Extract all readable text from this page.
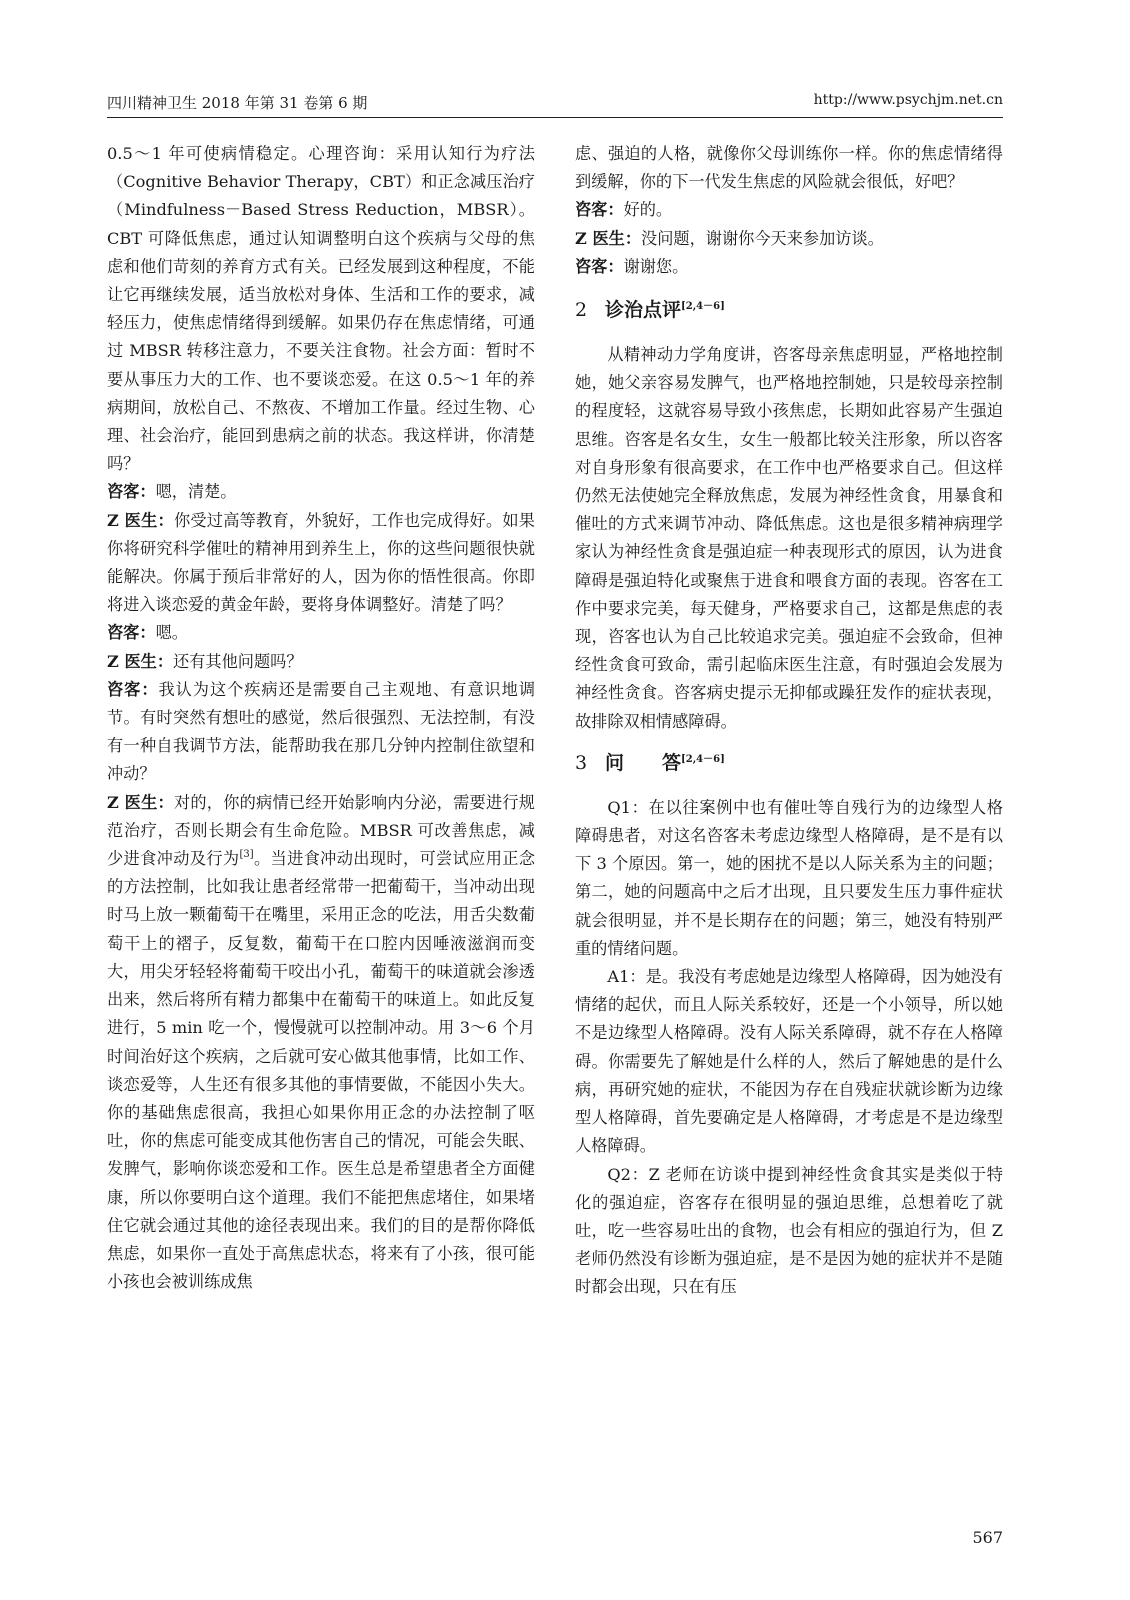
四川精神卫生 2018 年第 31 卷第 6 期	http://www.psychjm.net.cn

0.5～1 年可使病情稳定。心理咨询：采用认知行为疗法（Cognitive Behavior Therapy，CBT）和正念减压治疗（Mindfulness－Based Stress Reduction，MBSR）。CBT 可降低焦虑，通过认知调整明白这个疾病与父母的焦虑和他们苛刻的养育方式有关。已经发展到这种程度，不能让它再继续发展，适当放松对身体、生活和工作的要求，减轻压力，使焦虑情绪得到缓解。如果仍存在焦虑情绪，可通过 MBSR 转移注意力，不要关注食物。社会方面：暂时不要从事压力大的工作、也不要谈恋爱。在这 0.5～1 年的养病期间，放松自己、不熬夜、不增加工作量。经过生物、心理、社会治疗，能回到患病之前的状态。我这样讲，你清楚吗？

咨客：嗯，清楚。

Z 医生：你受过高等教育，外貌好，工作也完成得好。如果你将研究科学催吐的精神用到养生上，你的这些问题很快就能解决。你属于预后非常好的人，因为你的悟性很高。你即将进入谈恋爱的黄金年龄，要将身体调整好。清楚了吗？

咨客：嗯。

Z 医生：还有其他问题吗？

咨客：我认为这个疾病还是需要自己主观地、有意识地调节。有时突然有想吐的感觉，然后很强烈、无法控制，有没有一种自我调节方法，能帮助我在那几分钟内控制住欲望和冲动？

Z 医生：对的，你的病情已经开始影响内分泌，需要进行规范治疗，否则长期会有生命危险。MBSR 可改善焦虑，减少进食冲动及行为[3]。当进食冲动出现时，可尝试应用正念的方法控制，比如我让患者经常带一把葡萄干，当冲动出现时马上放一颗葡萄干在嘴里，采用正念的吃法，用舌尖数葡萄干上的褶子，反复数，葡萄干在口腔内因唾液滋润而变大，用尖牙轻轻将葡萄干咬出小孔，葡萄干的味道就会渗透出来，然后将所有精力都集中在葡萄干的味道上。如此反复进行，5 min 吃一个，慢慢就可以控制冲动。用 3～6 个月时间治好这个疾病，之后就可安心做其他事情，比如工作、谈恋爱等，人生还有很多其他的事情要做，不能因小失大。你的基础焦虑很高，我担心如果你用正念的办法控制了呕吐，你的焦虑可能变成其他伤害自己的情况，可能会失眠、发脾气，影响你谈恋爱和工作。医生总是希望患者全方面健康，所以你要明白这个道理。我们不能把焦虑堵住，如果堵住它就会通过其他的途径表现出来。我们的目的是帮你降低焦虑，如果你一直处于高焦虑状态，将来有了小孩，很可能小孩也会被训练成焦

虑、强迫的人格，就像你父母训练你一样。你的焦虑情绪得到缓解，你的下一代发生焦虑的风险就会很低，好吧？

咨客：好的。

Z 医生：没问题，谢谢你今天来参加访谈。

咨客：谢谢您。

2 诊治点评[2,4－6]

从精神动力学角度讲，咨客母亲焦虑明显，严格地控制她，她父亲容易发脾气，也严格地控制她，只是较母亲控制的程度轻，这就容易导致小孩焦虑，长期如此容易产生强迫思维。咨客是名女生，女生一般都比较关注形象，所以咨客对自身形象有很高要求，在工作中也严格要求自己。但这样仍然无法使她完全释放焦虑，发展为神经性贪食，用暴食和催吐的方式来调节冲动、降低焦虑。这也是很多精神病理学家认为神经性贪食是强迫症一种表现形式的原因，认为进食障碍是强迫特化或聚焦于进食和喂食方面的表现。咨客在工作中要求完美，每天健身，严格要求自己，这都是焦虑的表现，咨客也认为自己比较追求完美。强迫症不会致命，但神经性贪食可致命，需引起临床医生注意，有时强迫会发展为神经性贪食。咨客病史提示无抑郁或躁狂发作的症状表现，故排除双相情感障碍。

3 问　　答[2,4－6]

Q1：在以往案例中也有催吐等自残行为的边缘型人格障碍患者，对这名咨客未考虑边缘型人格障碍，是不是有以下 3 个原因。第一，她的困扰不是以人际关系为主的问题；第二，她的问题高中之后才出现，且只要发生压力事件症状就会很明显，并不是长期存在的问题；第三，她没有特别严重的情绪问题。

A1：是。我没有考虑她是边缘型人格障碍，因为她没有情绪的起伏，而且人际关系较好，还是一个小领导，所以她不是边缘型人格障碍。没有人际关系障碍，就不存在人格障碍。你需要先了解她是什么样的人，然后了解她患的是什么病，再研究她的症状，不能因为存在自残症状就诊断为边缘型人格障碍，首先要确定是人格障碍，才考虑是不是边缘型人格障碍。

Q2：Z 老师在访谈中提到神经性贪食其实是类似于特化的强迫症，咨客存在很明显的强迫思维，总想着吃了就吐，吃一些容易吐出的食物，也会有相应的强迫行为，但 Z 老师仍然没有诊断为强迫症，是不是因为她的症状并不是随时都会出现，只在有压

567
